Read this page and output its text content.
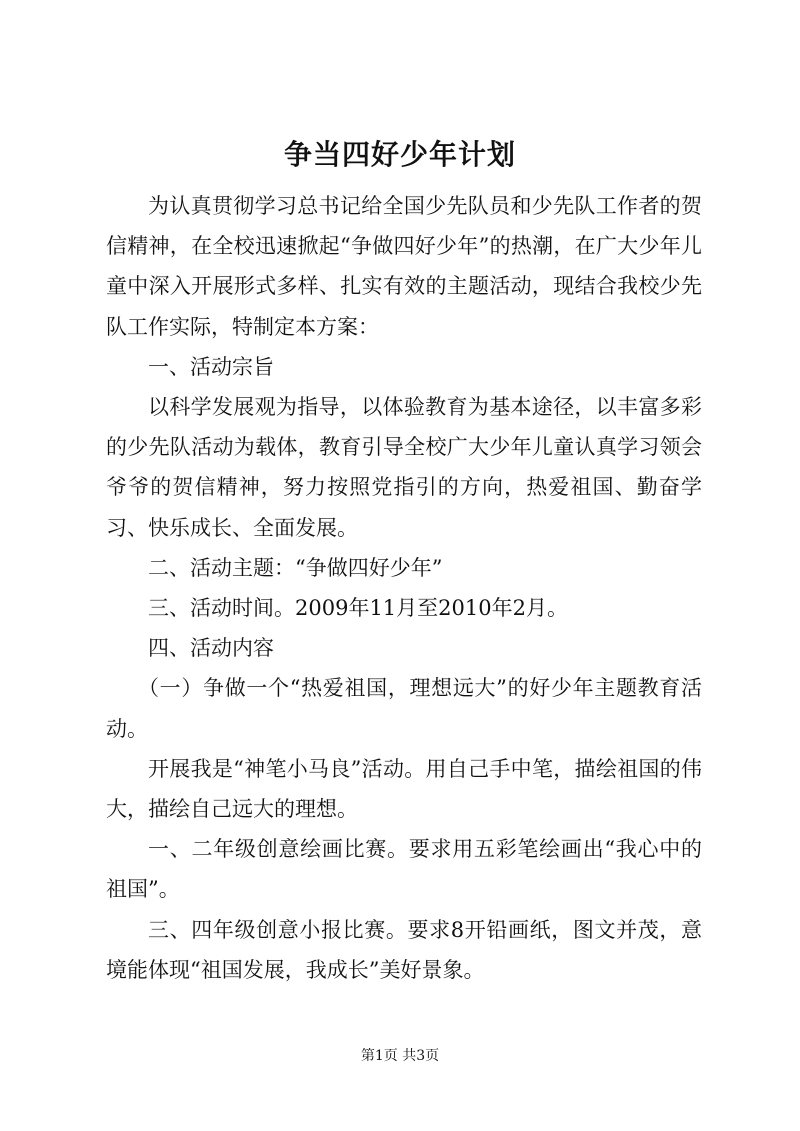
争当四好少年计划

为认真贯彻学习总书记给全国少先队员和少先队工作者的贺信精神，在全校迅速掀起“争做四好少年”的热潮，在广大少年儿童中深入开展形式多样、扎实有效的主题活动，现结合我校少先队工作实际，特制定本方案：

一、活动宗旨

以科学发展观为指导，以体验教育为基本途径，以丰富多彩的少先队活动为载体，教育引导全校广大少年儿童认真学习领会爷爷的贺信精神，努力按照党指引的方向，热爱祖国、勤奋学习、快乐成长、全面发展。

二、活动主题：“争做四好少年”

三、活动时间。2009年11月至2010年2月。

四、活动内容

（一）争做一个“热爱祖国，理想远大”的好少年主题教育活动。

开展我是“神笔小马良”活动。用自己手中笔，描绘祖国的伟大，描绘自己远大的理想。

一、二年级创意绘画比赛。要求用五彩笔绘画出“我心中的祖国”。

三、四年级创意小报比赛。要求8开铅画纸，图文并茂，意境能体现“祖国发展，我成长”美好景象。

第1页 共3页
